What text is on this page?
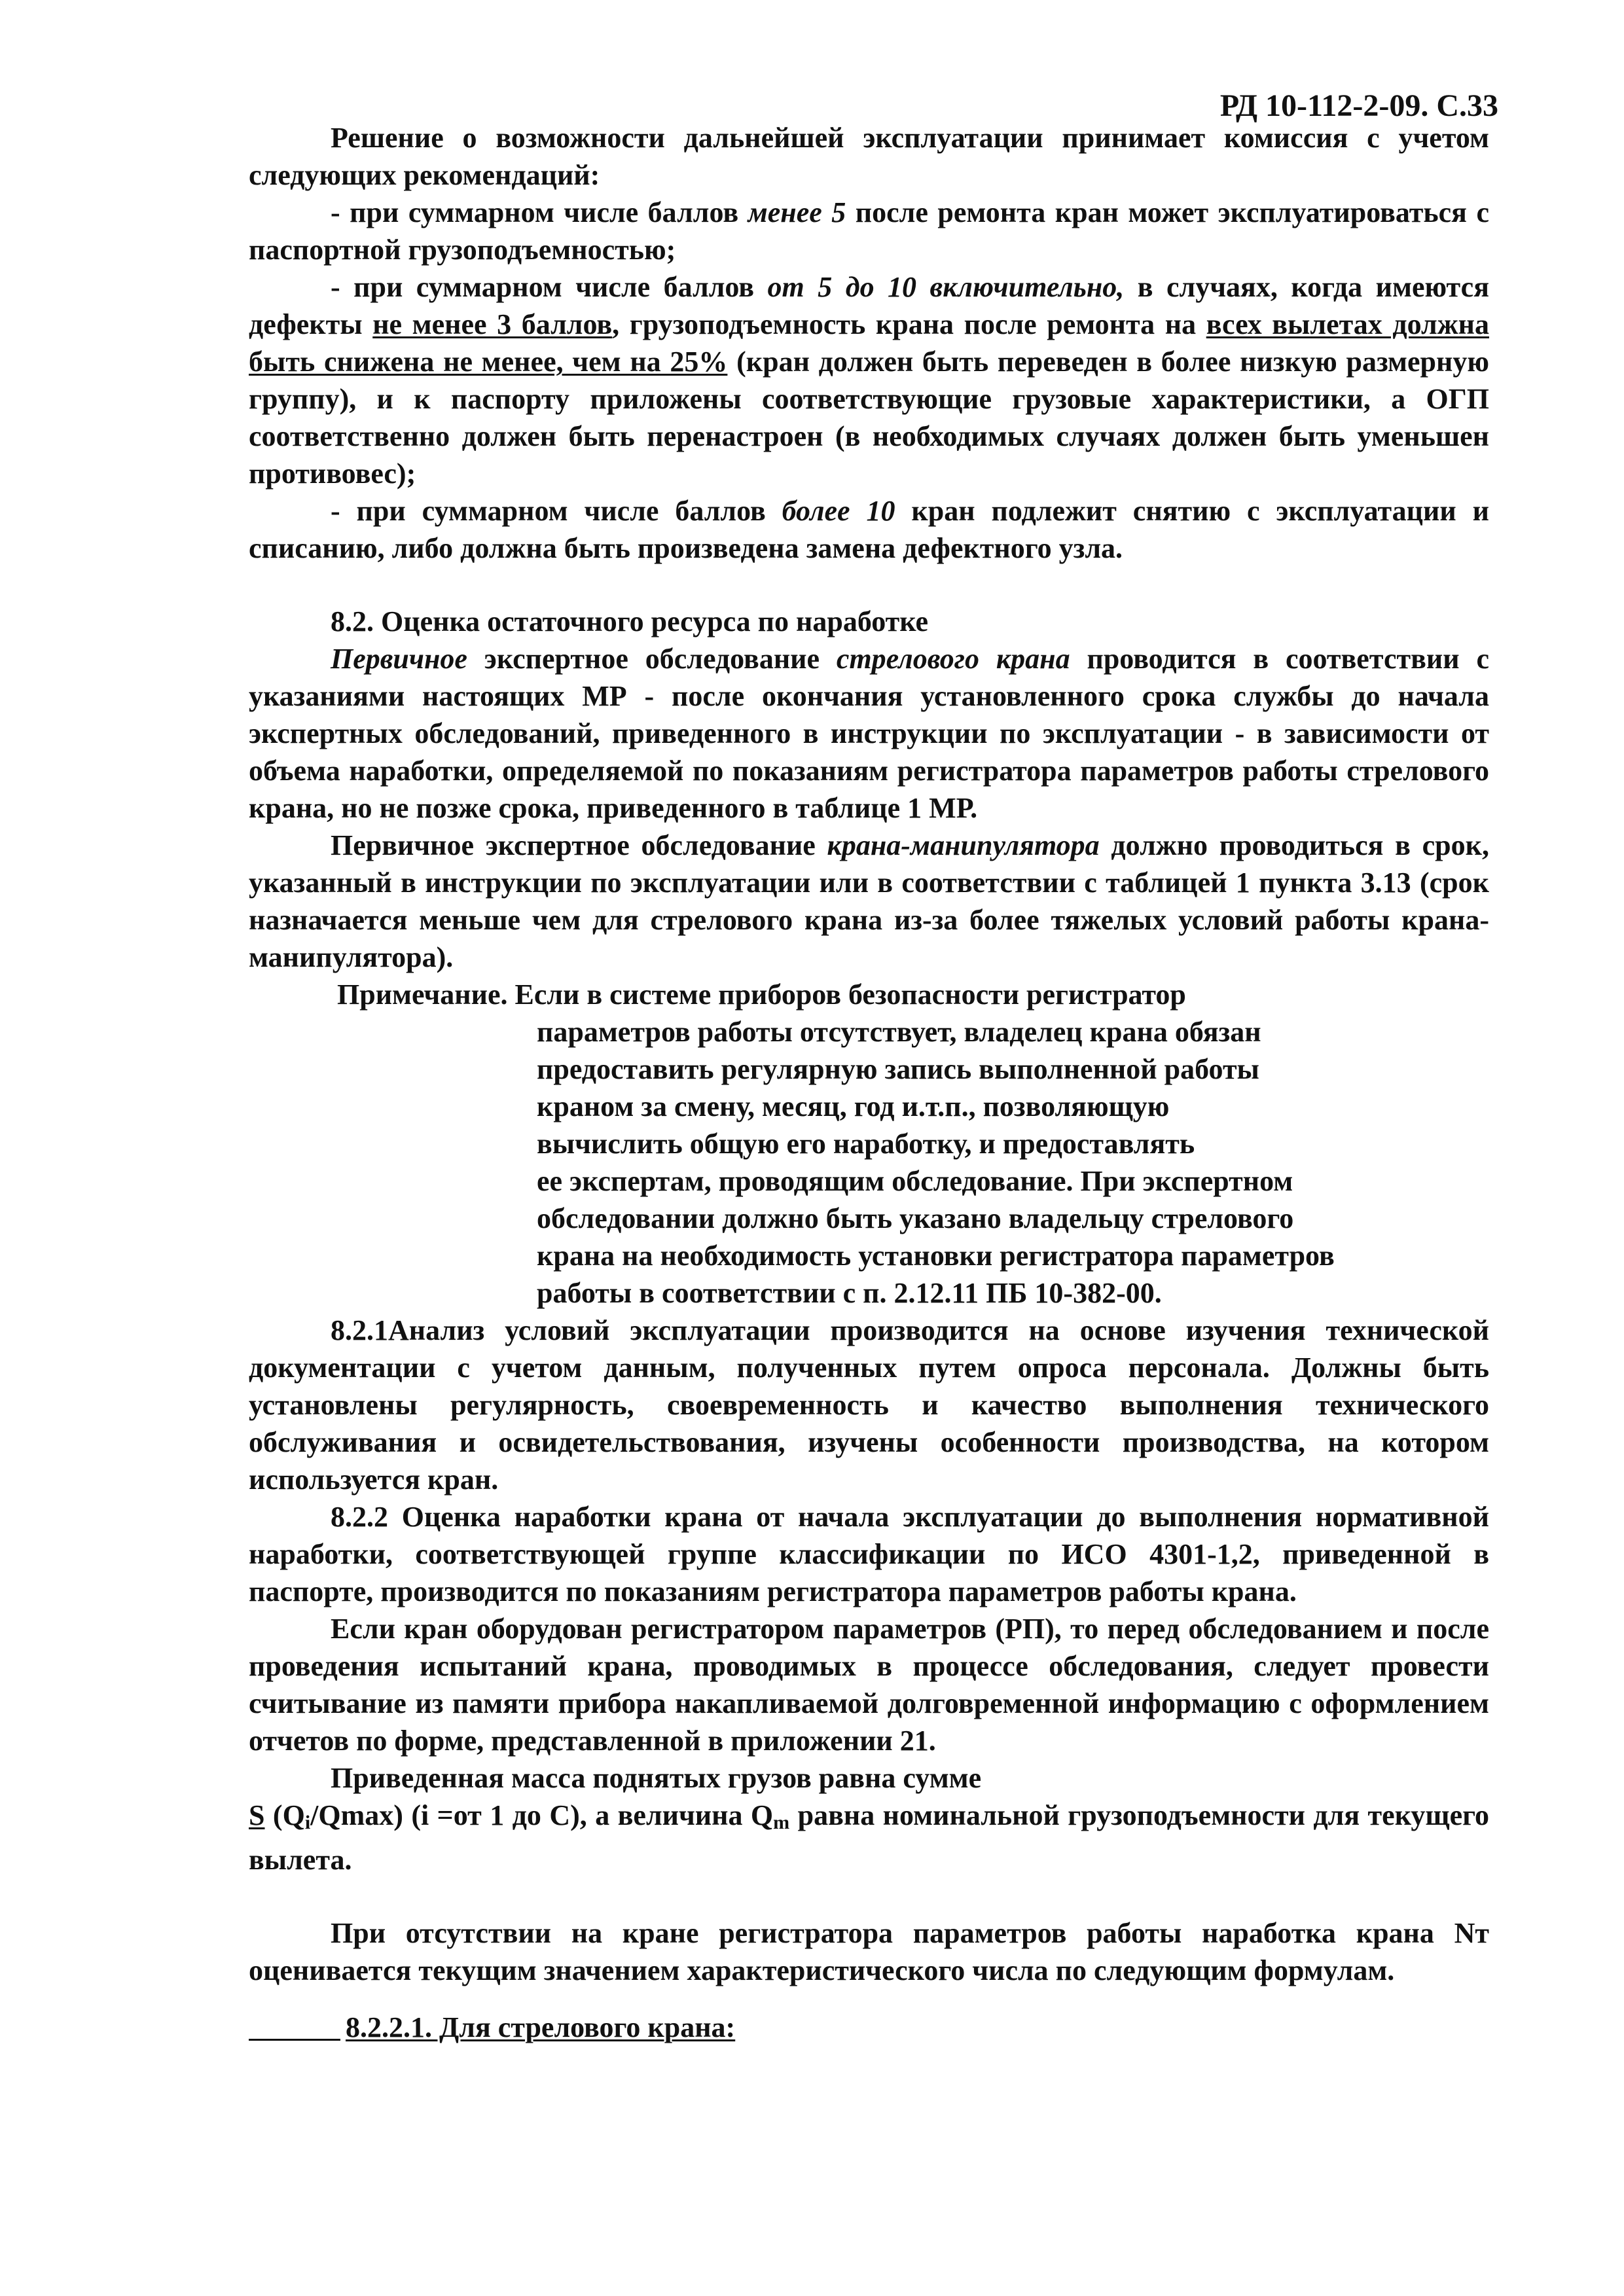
РД 10-112-2-09. С.33

Решение о возможности дальнейшей эксплуатации принимает комиссия с учетом следующих рекомендаций:

- при суммарном числе баллов менее 5 после ремонта кран может эксплуатироваться с паспортной грузоподъемностью;

- при суммарном числе баллов от 5 до 10 включительно, в случаях, когда имеются дефекты не менее 3 баллов, грузоподъемность крана после ремонта на всех вылетах должна быть снижена не менее, чем на 25% (кран должен быть переведен в более низкую размерную группу), и к паспорту приложены соответствующие грузовые характеристики, а ОГП соответственно должен быть перенастроен (в необходимых случаях должен быть уменьшен противовес);

- при суммарном числе баллов более 10 кран подлежит снятию с эксплуатации и списанию, либо должна быть произведена замена дефектного узла.

8.2. Оценка остаточного ресурса по наработке

Первичное экспертное обследование стрелового крана проводится в соответствии с указаниями настоящих МР - после окончания установленного срока службы до начала экспертных обследований, приведенного в инструкции по эксплуатации - в зависимости от объема наработки, определяемой по показаниям регистратора параметров работы стрелового крана, но не позже срока, приведенного в таблице 1 МР.

Первичное экспертное обследование крана-манипулятора должно проводиться в срок, указанный в инструкции по эксплуатации или в соответствии с таблицей 1 пункта 3.13 (срок назначается меньше чем для стрелового крана из-за более тяжелых условий работы крана-манипулятора).

Примечание. Если в системе приборов безопасности регистратор

параметров работы отсутствует, владелец крана обязан

предоставить регулярную запись выполненной работы

краном за смену, месяц, год и.т.п., позволяющую

вычислить общую его наработку, и предоставлять

ее экспертам, проводящим обследование. При экспертном

обследовании должно быть указано владельцу стрелового

крана на необходимость установки регистратора параметров

работы в соответствии с п. 2.12.11 ПБ 10-382-00.

8.2.1Анализ условий эксплуатации производится на основе изучения технической документации с учетом данным, полученных путем опроса персонала. Должны быть установлены регулярность, своевременность и качество выполнения технического обслуживания и освидетельствования, изучены особенности производства, на котором используется кран.

8.2.2 Оценка наработки крана от начала эксплуатации до выполнения нормативной наработки, соответствующей группе классификации по ИСО 4301-1,2, приведенной в паспорте, производится по показаниям регистратора параметров работы крана.

Если кран оборудован регистратором параметров (РП), то перед обследованием и после проведения испытаний крана, проводимых в процессе обследования, следует провести считывание из памяти прибора накапливаемой долговременной информацию с оформлением отчетов по форме, представленной в приложении 21.

Приведенная масса поднятых грузов равна сумме
S $(Q_i/Qmax)$ (i =от 1 до С), а величина $Q_m$ равна номинальной грузоподъемности для текущего вылета.

При отсутствии на кране регистратора параметров работы наработка крана Nт оценивается текущим значением характеристического числа по следующим формулам.

8.2.2.1. Для стрелового крана:
